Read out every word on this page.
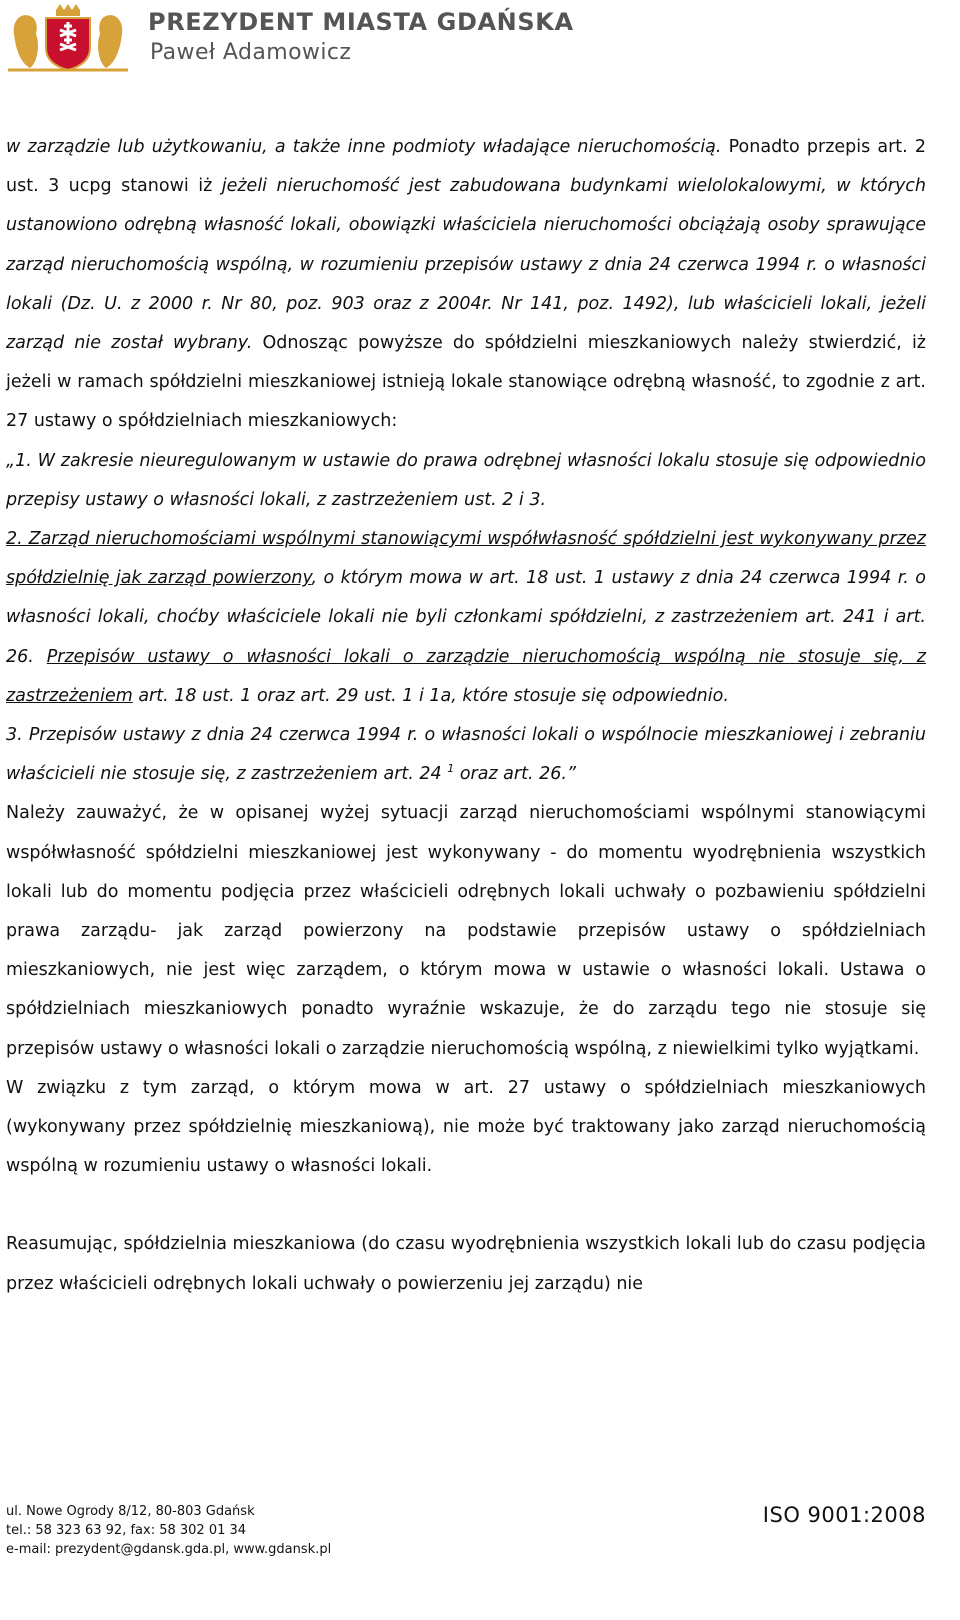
PREZYDENT MIASTA GDAŃSKA
Paweł Adamowicz

w zarządzie lub użytkowaniu, a także inne podmioty władające nieruchomością. Ponadto przepis art. 2 ust. 3 ucpg stanowi iż jeżeli nieruchomość jest zabudowana budynkami wielolokalowymi, w których ustanowiono odrębną własność lokali, obowiązki właściciela nieruchomości obciążają osoby sprawujące zarząd nieruchomością wspólną, w rozumieniu przepisów ustawy z dnia 24 czerwca 1994 r. o własności lokali (Dz. U. z 2000 r. Nr 80, poz. 903 oraz z 2004r. Nr 141, poz. 1492), lub właścicieli lokali, jeżeli zarząd nie został wybrany. Odnosząc powyższe do spółdzielni mieszkaniowych należy stwierdzić, iż jeżeli w ramach spółdzielni mieszkaniowej istnieją lokale stanowiące odrębną własność, to zgodnie z art. 27 ustawy o spółdzielniach mieszkaniowych:

„1. W zakresie nieuregulowanym w ustawie do prawa odrębnej własności lokalu stosuje się odpowiednio przepisy ustawy o własności lokali, z zastrzeżeniem ust. 2 i 3.

2. Zarząd nieruchomościami wspólnymi stanowiącymi współwłasność spółdzielni jest wykonywany przez spółdzielnię jak zarząd powierzony, o którym mowa w art. 18 ust. 1 ustawy z dnia 24 czerwca 1994 r. o własności lokali, choćby właściciele lokali nie byli członkami spółdzielni, z zastrzeżeniem art. 241 i art. 26. Przepisów ustawy o własności lokali o zarządzie nieruchomością wspólną nie stosuje się, z zastrzeżeniem art. 18 ust. 1 oraz art. 29 ust. 1 i 1a, które stosuje się odpowiednio.

3. Przepisów ustawy z dnia 24 czerwca 1994 r. o własności lokali o wspólnocie mieszkaniowej i zebraniu właścicieli nie stosuje się, z zastrzeżeniem art. 24 $^1$ oraz art. 26.”

Należy zauważyć, że w opisanej wyżej sytuacji zarząd nieruchomościami wspólnymi stanowiącymi współwłasność spółdzielni mieszkaniowej jest wykonywany - do momentu wyodrębnienia wszystkich lokali lub do momentu podjęcia przez właścicieli odrębnych lokali uchwały o pozbawieniu spółdzielni prawa zarządu- jak zarząd powierzony na podstawie przepisów ustawy o spółdzielniach mieszkaniowych, nie jest więc zarządem, o którym mowa w ustawie o własności lokali. Ustawa o spółdzielniach mieszkaniowych ponadto wyraźnie wskazuje, że do zarządu tego nie stosuje się przepisów ustawy o własności lokali o zarządzie nieruchomością wspólną, z niewielkimi tylko wyjątkami.

W związku z tym zarząd, o którym mowa w art. 27 ustawy o spółdzielniach mieszkaniowych (wykonywany przez spółdzielnię mieszkaniową), nie może być traktowany jako zarząd nieruchomością wspólną w rozumieniu ustawy o własności lokali.

Reasumując, spółdzielnia mieszkaniowa (do czasu wyodrębnienia wszystkich lokali lub do czasu podjęcia przez właścicieli odrębnych lokali uchwały o powierzeniu jej zarządu) nie

ul. Nowe Ogrody 8/12, 80-803 Gdańsk
tel.: 58 323 63 92, fax: 58 302 01 34
e-mail: prezydent@gdansk.gda.pl, www.gdansk.pl
ISO 9001:2008
